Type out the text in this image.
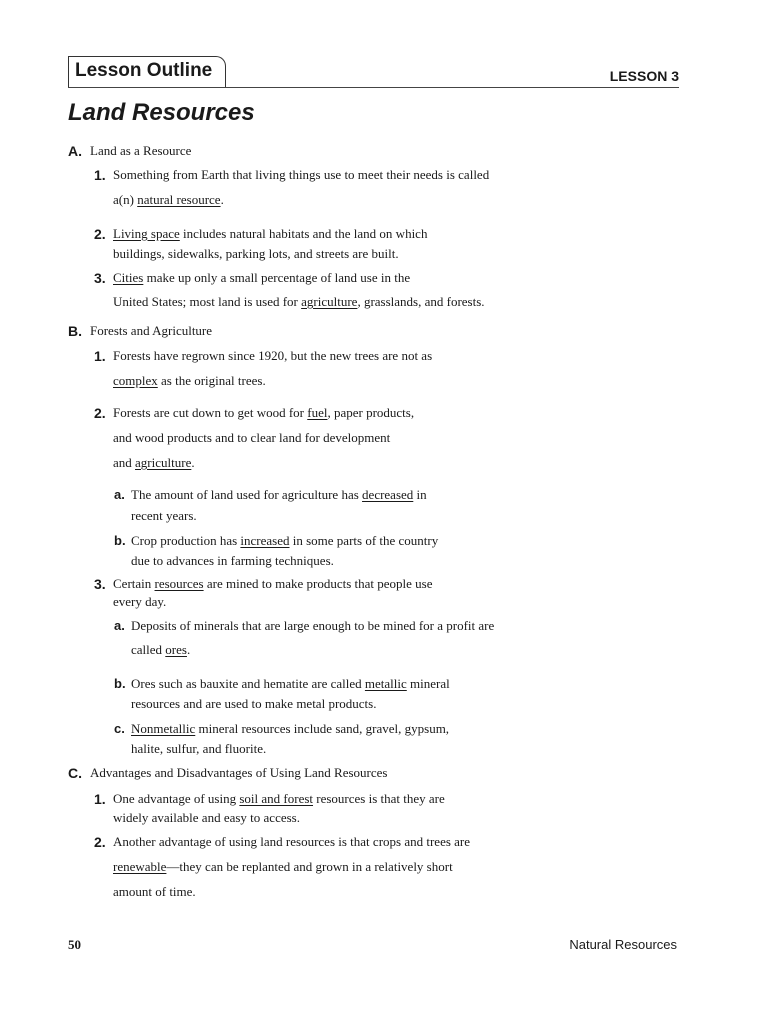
Lesson Outline	LESSON 3
Land Resources
A. Land as a Resource
1. Something from Earth that living things use to meet their needs is called
a(n) natural resource.
2. Living space includes natural habitats and the land on which
buildings, sidewalks, parking lots, and streets are built.
3. Cities make up only a small percentage of land use in the
United States; most land is used for agriculture, grasslands, and forests.
B. Forests and Agriculture
1. Forests have regrown since 1920, but the new trees are not as
complex as the original trees.
2. Forests are cut down to get wood for fuel, paper products,
and wood products and to clear land for development
and agriculture.
a. The amount of land used for agriculture has decreased in
recent years.
b. Crop production has increased in some parts of the country
due to advances in farming techniques.
3. Certain resources are mined to make products that people use
every day.
a. Deposits of minerals that are large enough to be mined for a profit are
called ores.
b. Ores such as bauxite and hematite are called metallic mineral
resources and are used to make metal products.
c. Nonmetallic mineral resources include sand, gravel, gypsum,
halite, sulfur, and fluorite.
C. Advantages and Disadvantages of Using Land Resources
1. One advantage of using soil and forest resources is that they are
widely available and easy to access.
2. Another advantage of using land resources is that crops and trees are
renewable—they can be replanted and grown in a relatively short
amount of time.
50	Natural Resources
